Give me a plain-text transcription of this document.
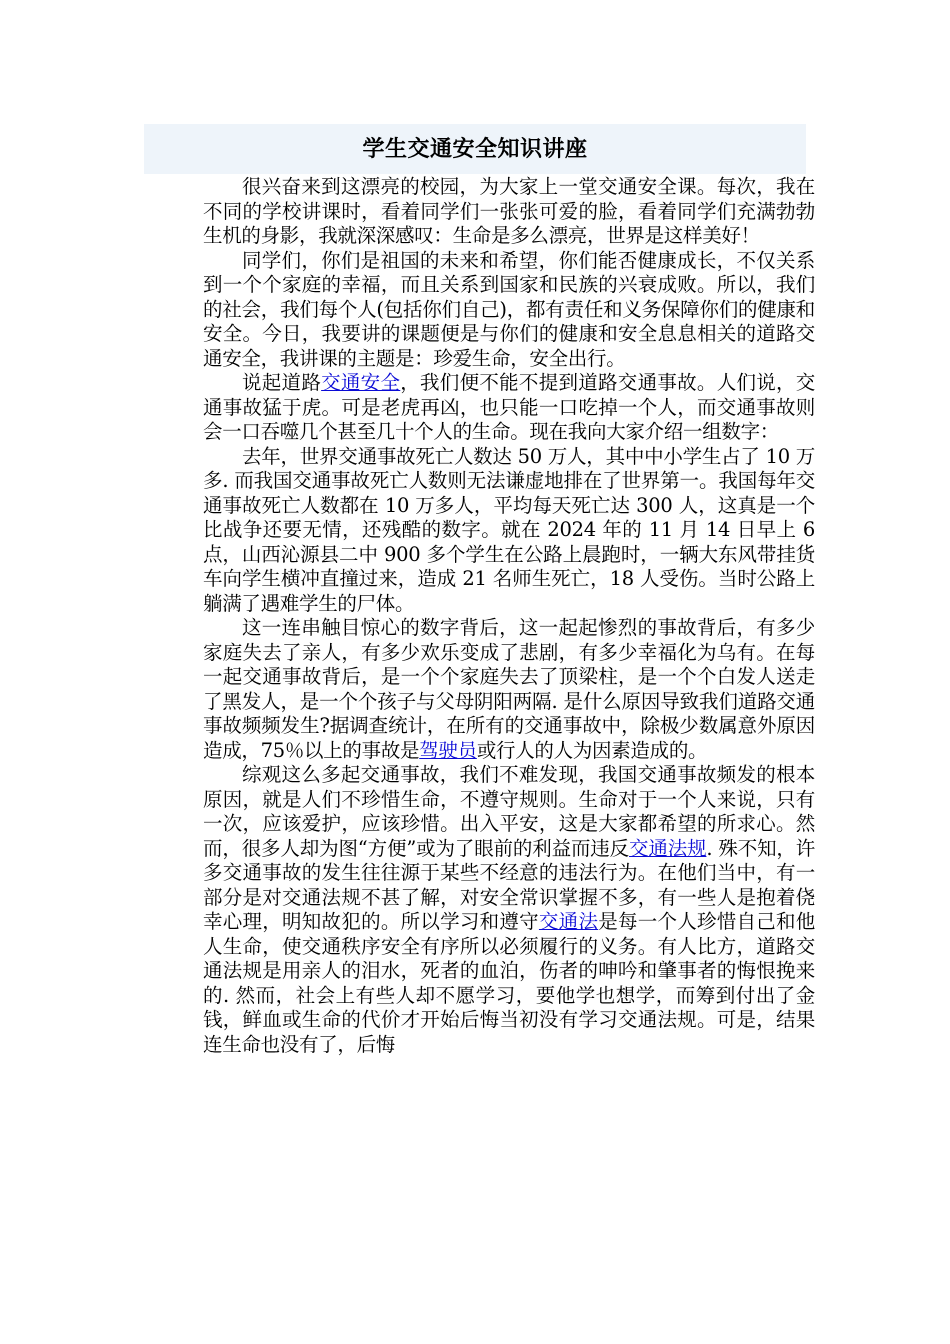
学生交通安全知识讲座

很兴奋来到这漂亮的校园，为大家上一堂交通安全课。每次，我在不同的学校讲课时，看着同学们一张张可爱的脸，看着同学们充满勃勃生机的身影，我就深深感叹：生命是多么漂亮，世界是这样美好！

同学们，你们是祖国的未来和希望，你们能否健康成长，不仅关系到一个个家庭的幸福，而且关系到国家和民族的兴衰成败。所以，我们的社会，我们每个人(包括你们自己)，都有责任和义务保障你们的健康和安全。今日，我要讲的课题便是与你们的健康和安全息息相关的道路交通安全，我讲课的主题是：珍爱生命，安全出行。

说起道路交通安全，我们便不能不提到道路交通事故。人们说，交通事故猛于虎。可是老虎再凶，也只能一口吃掉一个人，而交通事故则会一口吞噬几个甚至几十个人的生命。现在我向大家介绍一组数字：

去年，世界交通事故死亡人数达 50 万人，其中中小学生占了 10 万多. 而我国交通事故死亡人数则无法谦虚地排在了世界第一。我国每年交通事故死亡人数都在 10 万多人，平均每天死亡达 300 人，这真是一个比战争还要无情，还残酷的数字。就在 2024 年的 11 月 14 日早上 6 点，山西沁源县二中 900 多个学生在公路上晨跑时，一辆大东风带挂货车向学生横冲直撞过来，造成 21 名师生死亡，18 人受伤。当时公路上躺满了遇难学生的尸体。

这一连串触目惊心的数字背后，这一起起惨烈的事故背后，有多少家庭失去了亲人，有多少欢乐变成了悲剧，有多少幸福化为乌有。在每一起交通事故背后，是一个个家庭失去了顶梁柱，是一个个白发人送走了黑发人，是一个个孩子与父母阴阳两隔. 是什么原因导致我们道路交通事故频频发生?据调查统计，在所有的交通事故中，除极少数属意外原因造成，75％以上的事故是驾驶员或行人的人为因素造成的。

综观这么多起交通事故，我们不难发现，我国交通事故频发的根本原因，就是人们不珍惜生命，不遵守规则。生命对于一个人来说，只有一次，应该爱护，应该珍惜。出入平安，这是大家都希望的所求心。然而，很多人却为图“方便”或为了眼前的利益而违反交通法规. 殊不知，许多交通事故的发生往往源于某些不经意的违法行为。在他们当中，有一部分是对交通法规不甚了解，对安全常识掌握不多，有一些人是抱着侥幸心理，明知故犯的。所以学习和遵守交通法是每一个人珍惜自己和他人生命，使交通秩序安全有序所以必须履行的义务。有人比方，道路交通法规是用亲人的泪水，死者的血泊，伤者的呻吟和肇事者的悔恨挽来的. 然而，社会上有些人却不愿学习，要他学也想学，而筹到付出了金钱，鲜血或生命的代价才开始后悔当初没有学习交通法规。可是，结果连生命也没有了，后悔
